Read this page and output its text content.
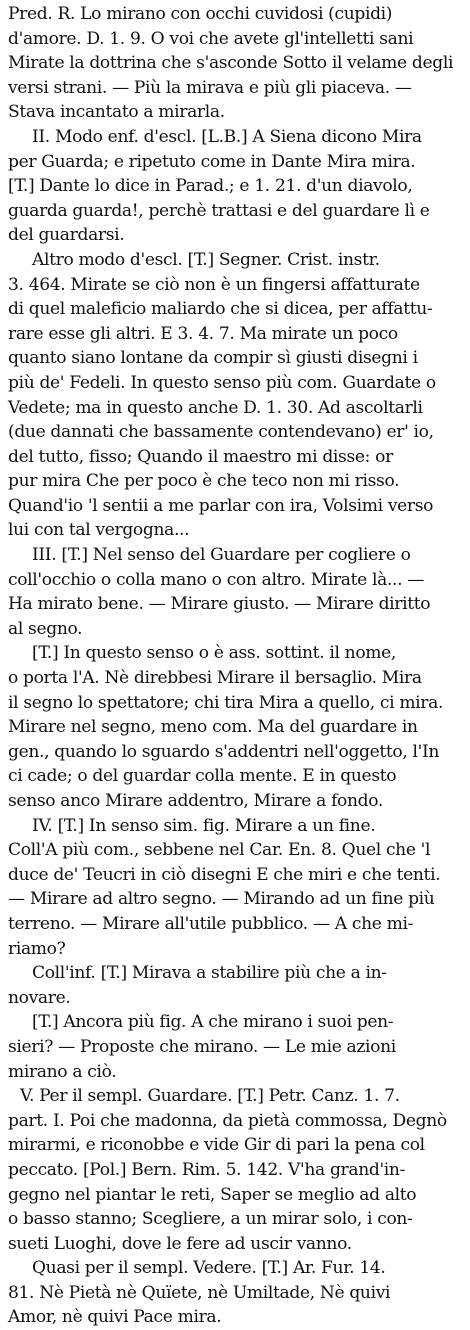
Pred. R. Lo mirano con occhi cuvidosi (cupidi)
d'amore. D. 1. 9. O voi che avete gl'intelletti sani
Mirate la dottrina che s'asconde Sotto il velame degli
versi strani. — Più la mirava e più gli piaceva. —
Stava incantato a mirarla.
II. Modo enf. d'escl. [L.B.] A Siena dicono Mira
per Guarda; e ripetuto come in Dante Mira mira.
[T.] Dante lo dice in Parad.; e 1. 21. d'un diavolo,
guarda guarda!, perchè trattasi e del guardare lì e
del guardarsi.
Altro modo d'escl. [T.] Segner. Crist. instr.
3. 464. Mirate se ciò non è un fingersi affatturate
di quel maleficio maliardo che si dicea, per affattu-
rare esse gli altri. E 3. 4. 7. Ma mirate un poco
quanto siano lontane da compir sì giusti disegni i
più de' Fedeli. In questo senso più com. Guardate o
Vedete; ma in questo anche D. 1. 30. Ad ascoltarli
(due dannati che bassamente contendevano) er' io,
del tutto, fisso; Quando il maestro mi disse: or
pur mira Che per poco è che teco non mi risso.
Quand'io 'l sentii a me parlar con ira, Volsimi verso
lui con tal vergogna...
III. [T.] Nel senso del Guardare per cogliere o
coll'occhio o colla mano o con altro. Mirate là... —
Ha mirato bene. — Mirare giusto. — Mirare diritto
al segno.
[T.] In questo senso o è ass. sottint. il nome,
o porta l'A. Nè direbbesi Mirare il bersaglio. Mira
il segno lo spettatore; chi tira Mira a quello, ci mira.
Mirare nel segno, meno com. Ma del guardare in
gen., quando lo sguardo s'addentri nell'oggetto, l'In
ci cade; o del guardar colla mente. E in questo
senso anco Mirare addentro, Mirare a fondo.
IV. [T.] In senso sim. fig. Mirare a un fine.
Coll'A più com., sebbene nel Car. En. 8. Quel che 'l
duce de' Teucri in ciò disegni E che miri e che tenti.
— Mirare ad altro segno. — Mirando ad un fine più
terreno. — Mirare all'utile pubblico. — A che mi-
riamo?
Coll'inf. [T.] Mirava a stabilire più che a in-
novare.
[T.] Ancora più fig. A che mirano i suoi pen-
sieri? — Proposte che mirano. — Le mie azioni
mirano a ciò.
V. Per il sempl. Guardare. [T.] Petr. Canz. 1. 7.
part. I. Poi che madonna, da pietà commossa, Degnò
mirarmi, e riconobbe e vide Gir di pari la pena col
peccato. [Pol.] Bern. Rim. 5. 142. V'ha grand'in-
gegno nel piantar le reti, Saper se meglio ad alto
o basso stanno; Scegliere, a un mirar solo, i con-
sueti Luoghi, dove le fere ad uscir vanno.
Quasi per il sempl. Vedere. [T.] Ar. Fur. 14.
81. Nè Pietà nè Quïete, nè Umiltade, Nè quivi
Amor, nè quivi Pace mira.
